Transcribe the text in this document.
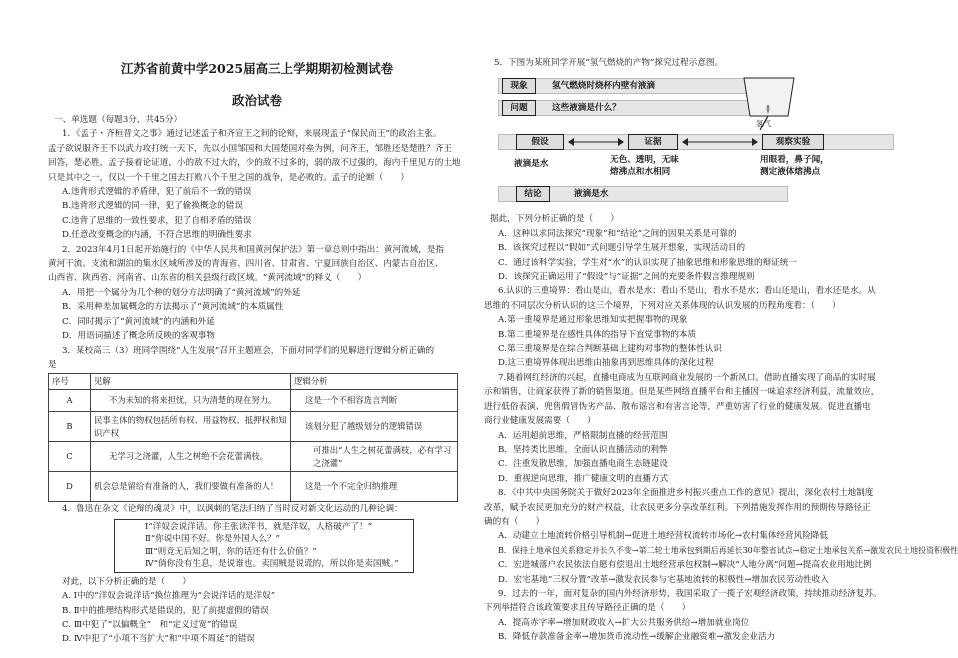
江苏省前黄中学2025届高三上学期期初检测试卷
政治试卷
一、单选题（每题3分，共45分）
1．《孟子・齐桓晋文之事》通过记述孟子和齐宣王之间的论辩，来展现孟子“保民而王”的政治主张。
孟子欲说服齐王不以武力攻打统一天下，先以小国邹国和大国楚国对垒为例，问齐王，邹胜还是楚胜？齐王
回答，楚必胜，孟子接着论证道，小的敌不过大的，少的敌不过多的，弱的敌不过强的，海内千里见方的土地
只是其中之一，仅以一个千里之国去打败八个千里之国的战争，是必败的。孟子的论断（　　）
A.违背形式逻辑的矛盾律，犯了前后不一致的错误
B.违背形式逻辑的同一律，犯了偷换概念的错误
C.违背了思维的一致性要求，犯了自相矛盾的错误
D.任意改变概念的内涵，不符合思维的明确性要求
2．2023年4月1日起开始施行的《中华人民共和国黄河保护法》第一章总则中指出：黄河流域，是指
黄河干流、支流和湖泊的集水区域所涉及的青海省、四川省、甘肃省、宁夏回族自治区、内蒙古自治区、
山西省、陕西省、河南省、山东省的相关县级行政区域。“黄河流域”的释义（　　）
A．用把一个属分为几个种的划分方法明确了“黄河流域”的外延
B．采用种差加属概念的方法揭示了“黄河流域”的本质属性
C．同时揭示了“黄河流域”的内涵和外延
D．用语词描述了概念所反映的客观事物
3．某校高三（3）班同学围绕“人生发展”召开主题班会，下面对同学们的见解进行逻辑分析正确的
是
序号	见解	逻辑分析
A	不为未知的将来担忧，只为清楚的现在努力。	这是一个不相容选言判断
B	民事主体的物权包括所有权、用益物权、抵押权和知识产权	该划分犯了越级划分的逻辑错误
C	无学习之浇灌，人生之树绝不会花蕾满枝。	可推出“人生之树花蕾满枝，必有学习之浇灌”
D	机会总是留给有准备的人，我们要做有准备的人！	这是一个不完全归纳推理
4．鲁迅在杂文《论辩的魂灵》中，以讽刺的笔法归纳了当时反对新文化运动的几种论调：
Ⅰ“洋奴会说洋话。你主张读洋书，就是洋奴，人格破产了！”
Ⅱ“你说中国不好。你是外国人么？”
Ⅲ“则竞无后知之明，你的话还有什么价值？”
Ⅳ“倘你没有生息，是说谁也。卖国贼是说谎的，所以你是卖国贼。”
对此，以下分析正确的是（　　）
A. Ⅰ中的“洋奴会说洋话”换位推理为“会说洋话的是洋奴”
B. Ⅱ中的推理结构形式是错误的，犯了前提虚假的错误
C. Ⅲ中犯了“以偏概全”　和“定义过宽”的错误
D. Ⅳ中犯了“小项不当扩大”和“中项不周延”的错误
5．下图为某班同学开展“氢气燃烧的产物”探究过程示意图。
现象	氢气燃烧时烧杯内壁有液滴
问题	这些液滴是什么？
氢气
假设	证据	观察实验
液滴是水	无色、透明，无味
熔沸点和水相同
用眼看，鼻子闻，
测定液体熔沸点
结论	液滴是水
据此，下列分析正确的是（　　）
A．这种以求同法探究“现象”和“结论”之间的因果关系是可靠的
B．该探究过程以“假如”式问题引导学生展开想象，实现活动目的
C．通过该科学实验，学生对“水”的认识实现了抽象思维和形象思维的辩证统一
D．该探究正确运用了“假设”与“证据”之间的充要条件假言推理规则
6.认识的三重境界：看山是山，看水是水；看山不是山，看水不是水；看山还是山，看水还是水。从
思维的不同层次分析认识的这三个境界，下列对应关系体现的认识发展的历程角度看：（　　）
A.第一重境界是通过形象思维知实把握事物的现象
B.第二重境界是在感性具体的指导下直觉事物的本质
C.第三重境界是在综合判断基础上建构对事物的整体性认识
D.这三重境界体现出思维由抽象再到思维具体的深化过程
7.随着网红经济的兴起，直播电商成为互联网商业发展的一个新风口。借助直播实现了商品的实时展
示和销售，让商家获得了新的销售渠道。但是某些网络直播平台和主播因一味追求经济利益，流量效应，
进行低俗表演、兜售假冒伪劣产品、散布谣言和有害言论等，严重妨害了行业的健康发展。促进直播电
商行业健康发展需要（　　）
A．运用超前思维，严格限制直播的经营范围
B．坚持类比思维，全面认识直播活动的利弊
C．注重发散思维，加强直播电商生态链建设
D．重视逆向思维，推广健康文明的直播方式
8．《中共中央国务院关于做好2023年全面推进乡村振兴重点工作的意见》提出，深化农村土地制度
改革，赋予农民更加充分的财产权益，让农民更多分享改革红利。下列措施发挥作用的预期传导路径正
确的有（　　）
A．动建立土地流转价格引导机制→促进土地经营权流转市场化→农村集体经营风险降低
B．保持土地承包关系稳定并长久不变→第二轮土地承包到期后再延长30年整省试点→稳定土地承包关系→激发农民土地投资积极性
C．宏进城落户农民依法自愿有偿退出土地经营承包权制→解决“人地分离”问题→提高农业用地比例
D．宏宅基地“三权分置”改革→激发农民参与宅基地流转的积极性→增加农民劳动性收入
9．过去的一年，面对复杂的国内外经济形势，我国采取了一揽子宏观经济政策，持续推动经济复苏。
下列举措符合该政策要求且传导路径正确的是（　　）
A．提高赤字率→增加财政收入→扩大公共服务供给→增加就业岗位
B．降低存款准备金率→增加货币流动性→缓解企业融资难→激发企业活力
